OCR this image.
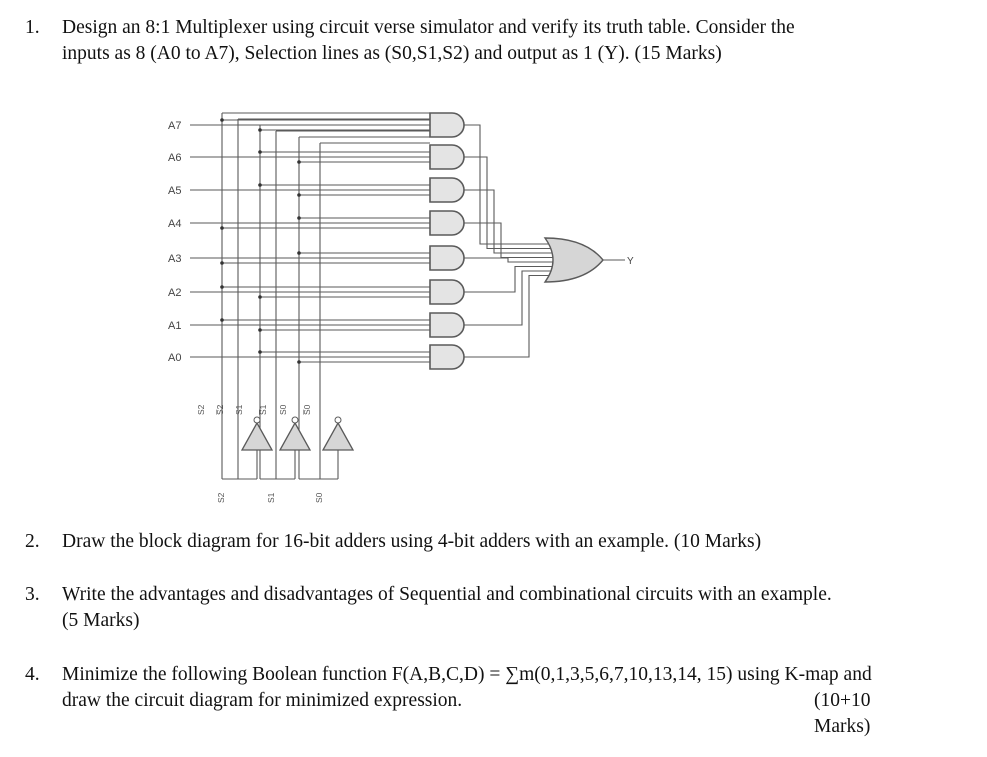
1. Design an 8:1 Multiplexer using circuit verse simulator and verify its truth table. Consider the
inputs as 8 (A0 to A7), Selection lines as (S0,S1,S2) and output as 1 (Y). (15 Marks)
A7
A6
A5
A4
A3
A2
A1
A0
Y
S2 S̅2 S1 S̅1 S0 S̅0
S2	S1	S0
2. Draw the block diagram for 16-bit adders using 4-bit adders with an example. (10 Marks)
3. Write the advantages and disadvantages of Sequential and combinational circuits with an example.
(5 Marks)
4. Minimize the following Boolean function F(A,B,C,D) = ∑m(0,1,3,5,6,7,10,13,14, 15) using K-map and
draw the circuit diagram for minimized expression.	(10+10 Marks)
